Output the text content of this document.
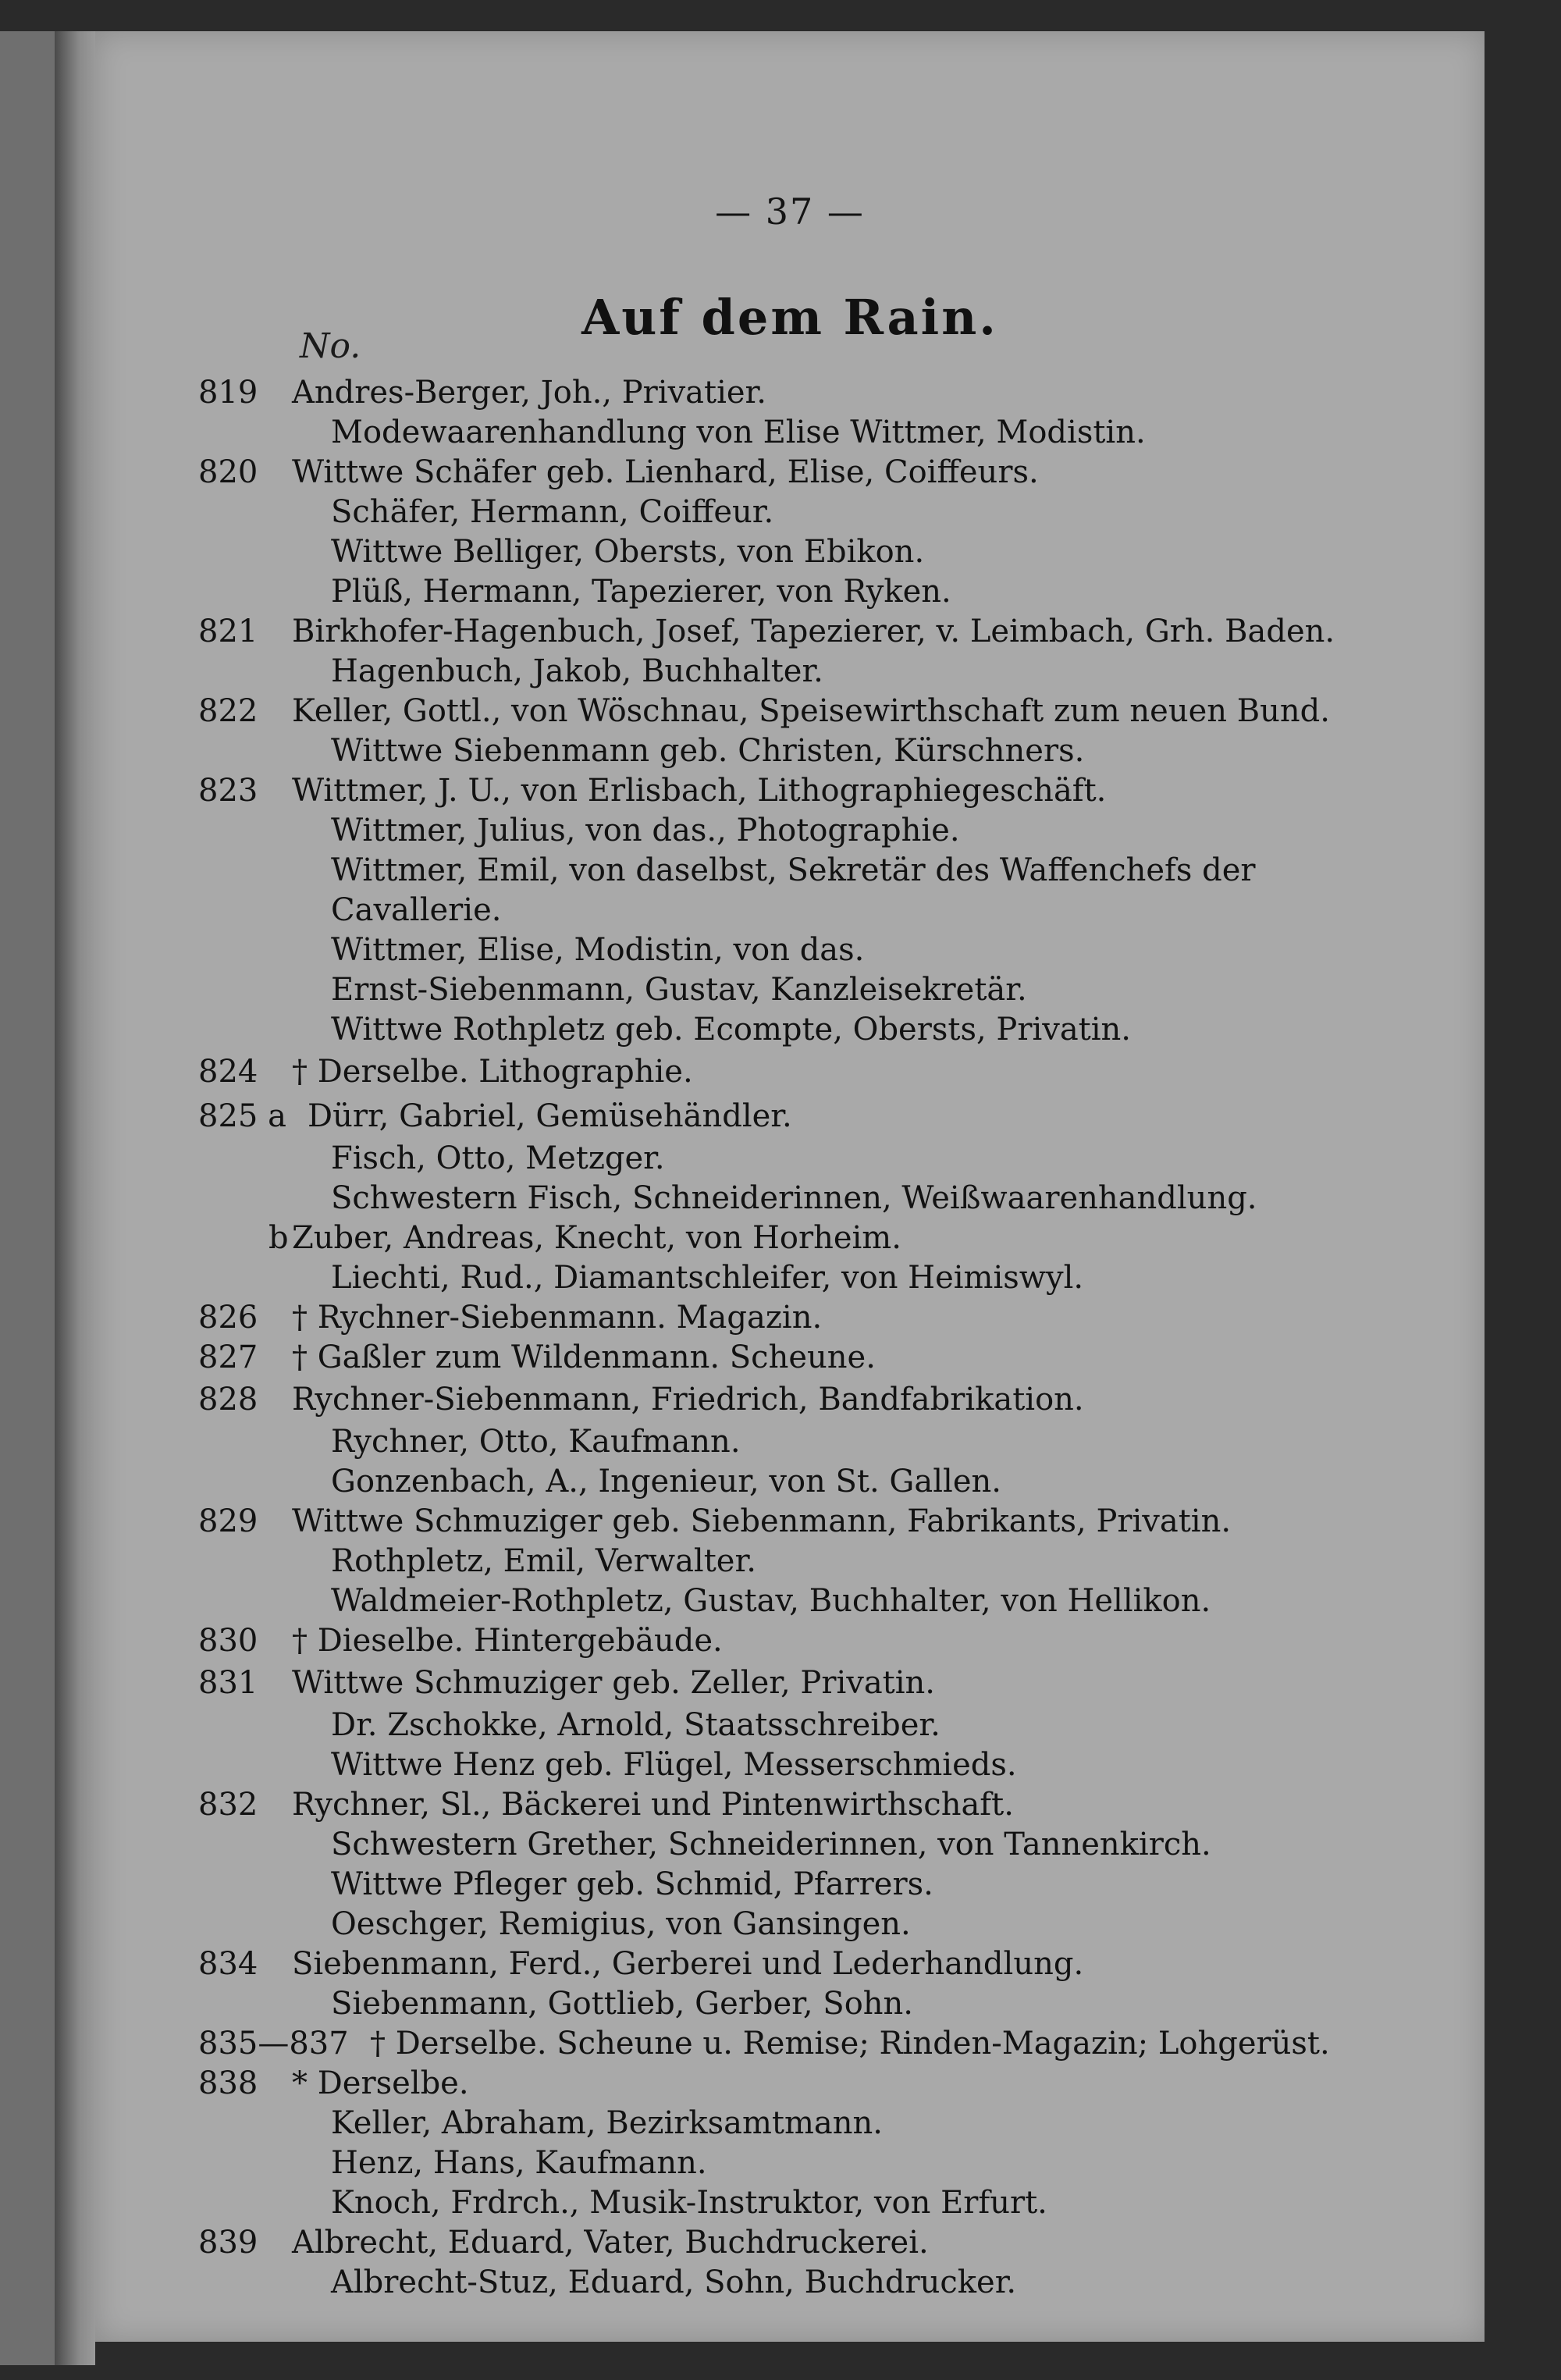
— 37 —
Auf dem Rain.
No.
819 Andres-Berger, Joh., Privatier.
Modewaarenhandlung von Elise Wittmer, Modistin.
820 Wittwe Schäfer geb. Lienhard, Elise, Coiffeurs.
Schäfer, Hermann, Coiffeur.
Wittwe Belliger, Obersts, von Ebikon.
Plüß, Hermann, Tapezierer, von Ryken.
821 Birkhofer-Hagenbuch, Josef, Tapezierer, v. Leimbach, Grh. Baden.
Hagenbuch, Jakob, Buchhalter.
822 Keller, Gottl., von Wöschnau, Speisewirthschaft zum neuen Bund.
Wittwe Siebenmann geb. Christen, Kürschners.
823 Wittmer, J. U., von Erlisbach, Lithographiegeschäft.
Wittmer, Julius, von das., Photographie.
Wittmer, Emil, von daselbst, Sekretär des Waffenchefs der
Cavallerie.
Wittmer, Elise, Modistin, von das.
Ernst-Siebenmann, Gustav, Kanzleisekretär.
Wittwe Rothpletz geb. Ecompte, Obersts, Privatin.
824 † Derselbe. Lithographie.
825 a Dürr, Gabriel, Gemüsehändler.
Fisch, Otto, Metzger.
Schwestern Fisch, Schneiderinnen, Weißwaarenhandlung.
b Zuber, Andreas, Knecht, von Horheim.
Liechti, Rud., Diamantschleifer, von Heimiswyl.
826 † Rychner-Siebenmann. Magazin.
827 † Gaßler zum Wildenmann. Scheune.
828 Rychner-Siebenmann, Friedrich, Bandfabrikation.
Rychner, Otto, Kaufmann.
Gonzenbach, A., Ingenieur, von St. Gallen.
829 Wittwe Schmuziger geb. Siebenmann, Fabrikants, Privatin.
Rothpletz, Emil, Verwalter.
Waldmeier-Rothpletz, Gustav, Buchhalter, von Hellikon.
830 † Dieselbe. Hintergebäude.
831 Wittwe Schmuziger geb. Zeller, Privatin.
Dr. Zschokke, Arnold, Staatsschreiber.
Wittwe Henz geb. Flügel, Messerschmieds.
832 Rychner, Sl., Bäckerei und Pintenwirthschaft.
Schwestern Grether, Schneiderinnen, von Tannenkirch.
Wittwe Pfleger geb. Schmid, Pfarrers.
Oeschger, Remigius, von Gansingen.
834 Siebenmann, Ferd., Gerberei und Lederhandlung.
Siebenmann, Gottlieb, Gerber, Sohn.
835—837 † Derselbe. Scheune u. Remise; Rinden-Magazin; Lohgerüst.
838 * Derselbe.
Keller, Abraham, Bezirksamtmann.
Henz, Hans, Kaufmann.
Knoch, Frdrch., Musik-Instruktor, von Erfurt.
839 Albrecht, Eduard, Vater, Buchdruckerei.
Albrecht-Stuz, Eduard, Sohn, Buchdrucker.
